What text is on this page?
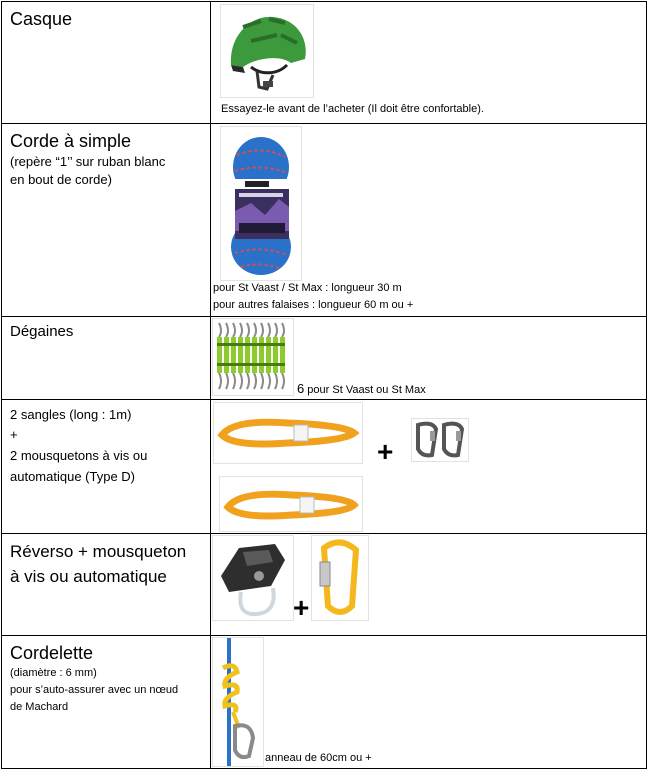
Casque	Essayez-le avant de l’acheter (Il doit être confortable).

Corde à simple
(repère “1’’ sur ruban blanc en bout de corde)	pour St Vaast / St Max : longueur 30 m
pour autres falaises : longueur 60 m ou +

Dégaines	6 pour St Vaast ou St Max

2 sangles (long : 1m)
+
2 mousquetons à vis ou automatique (Type D)	+

Réverso + mousqueton à vis ou automatique	+

Cordelette
(diamètre : 6 mm)
pour s’auto-assurer avec un nœud de Machard	anneau de 60cm ou +
